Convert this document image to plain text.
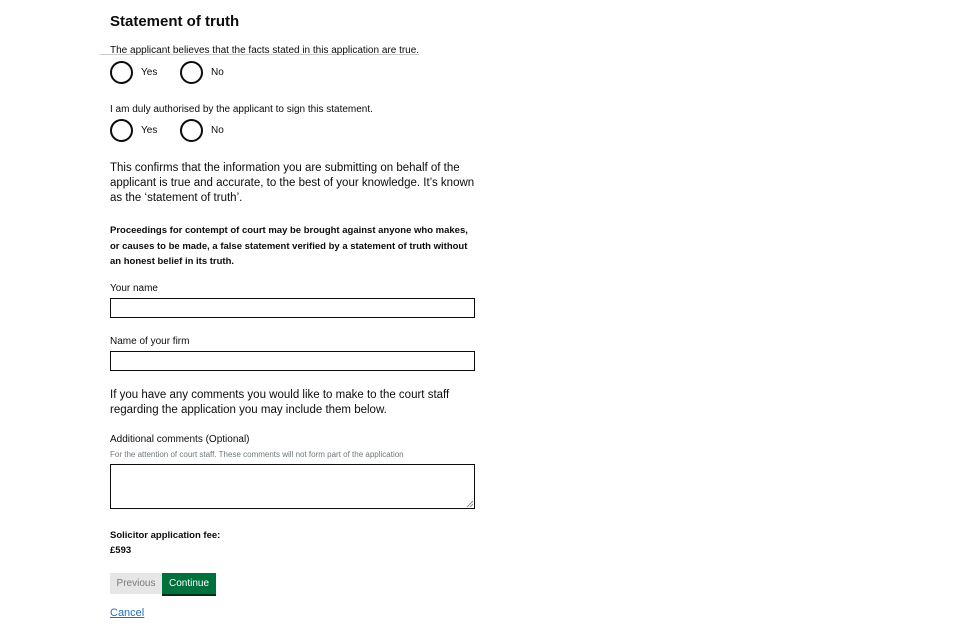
Statement of truth
The applicant believes that the facts stated in this application are true.
Yes	No
I am duly authorised by the applicant to sign this statement.
Yes	No

This confirms that the information you are submitting on behalf of the applicant is true and accurate, to the best of your knowledge. It’s known as the ‘statement of truth’.

Proceedings for contempt of court may be brought against anyone who makes, or causes to be made, a false statement verified by a statement of truth without an honest belief in its truth.

Your name
Name of your firm

If you have any comments you would like to make to the court staff regarding the application you may include them below.

Additional comments (Optional)
For the attention of court staff. These comments will not form part of the application
Solicitor application fee:
£593
Previous	Continue
Cancel
